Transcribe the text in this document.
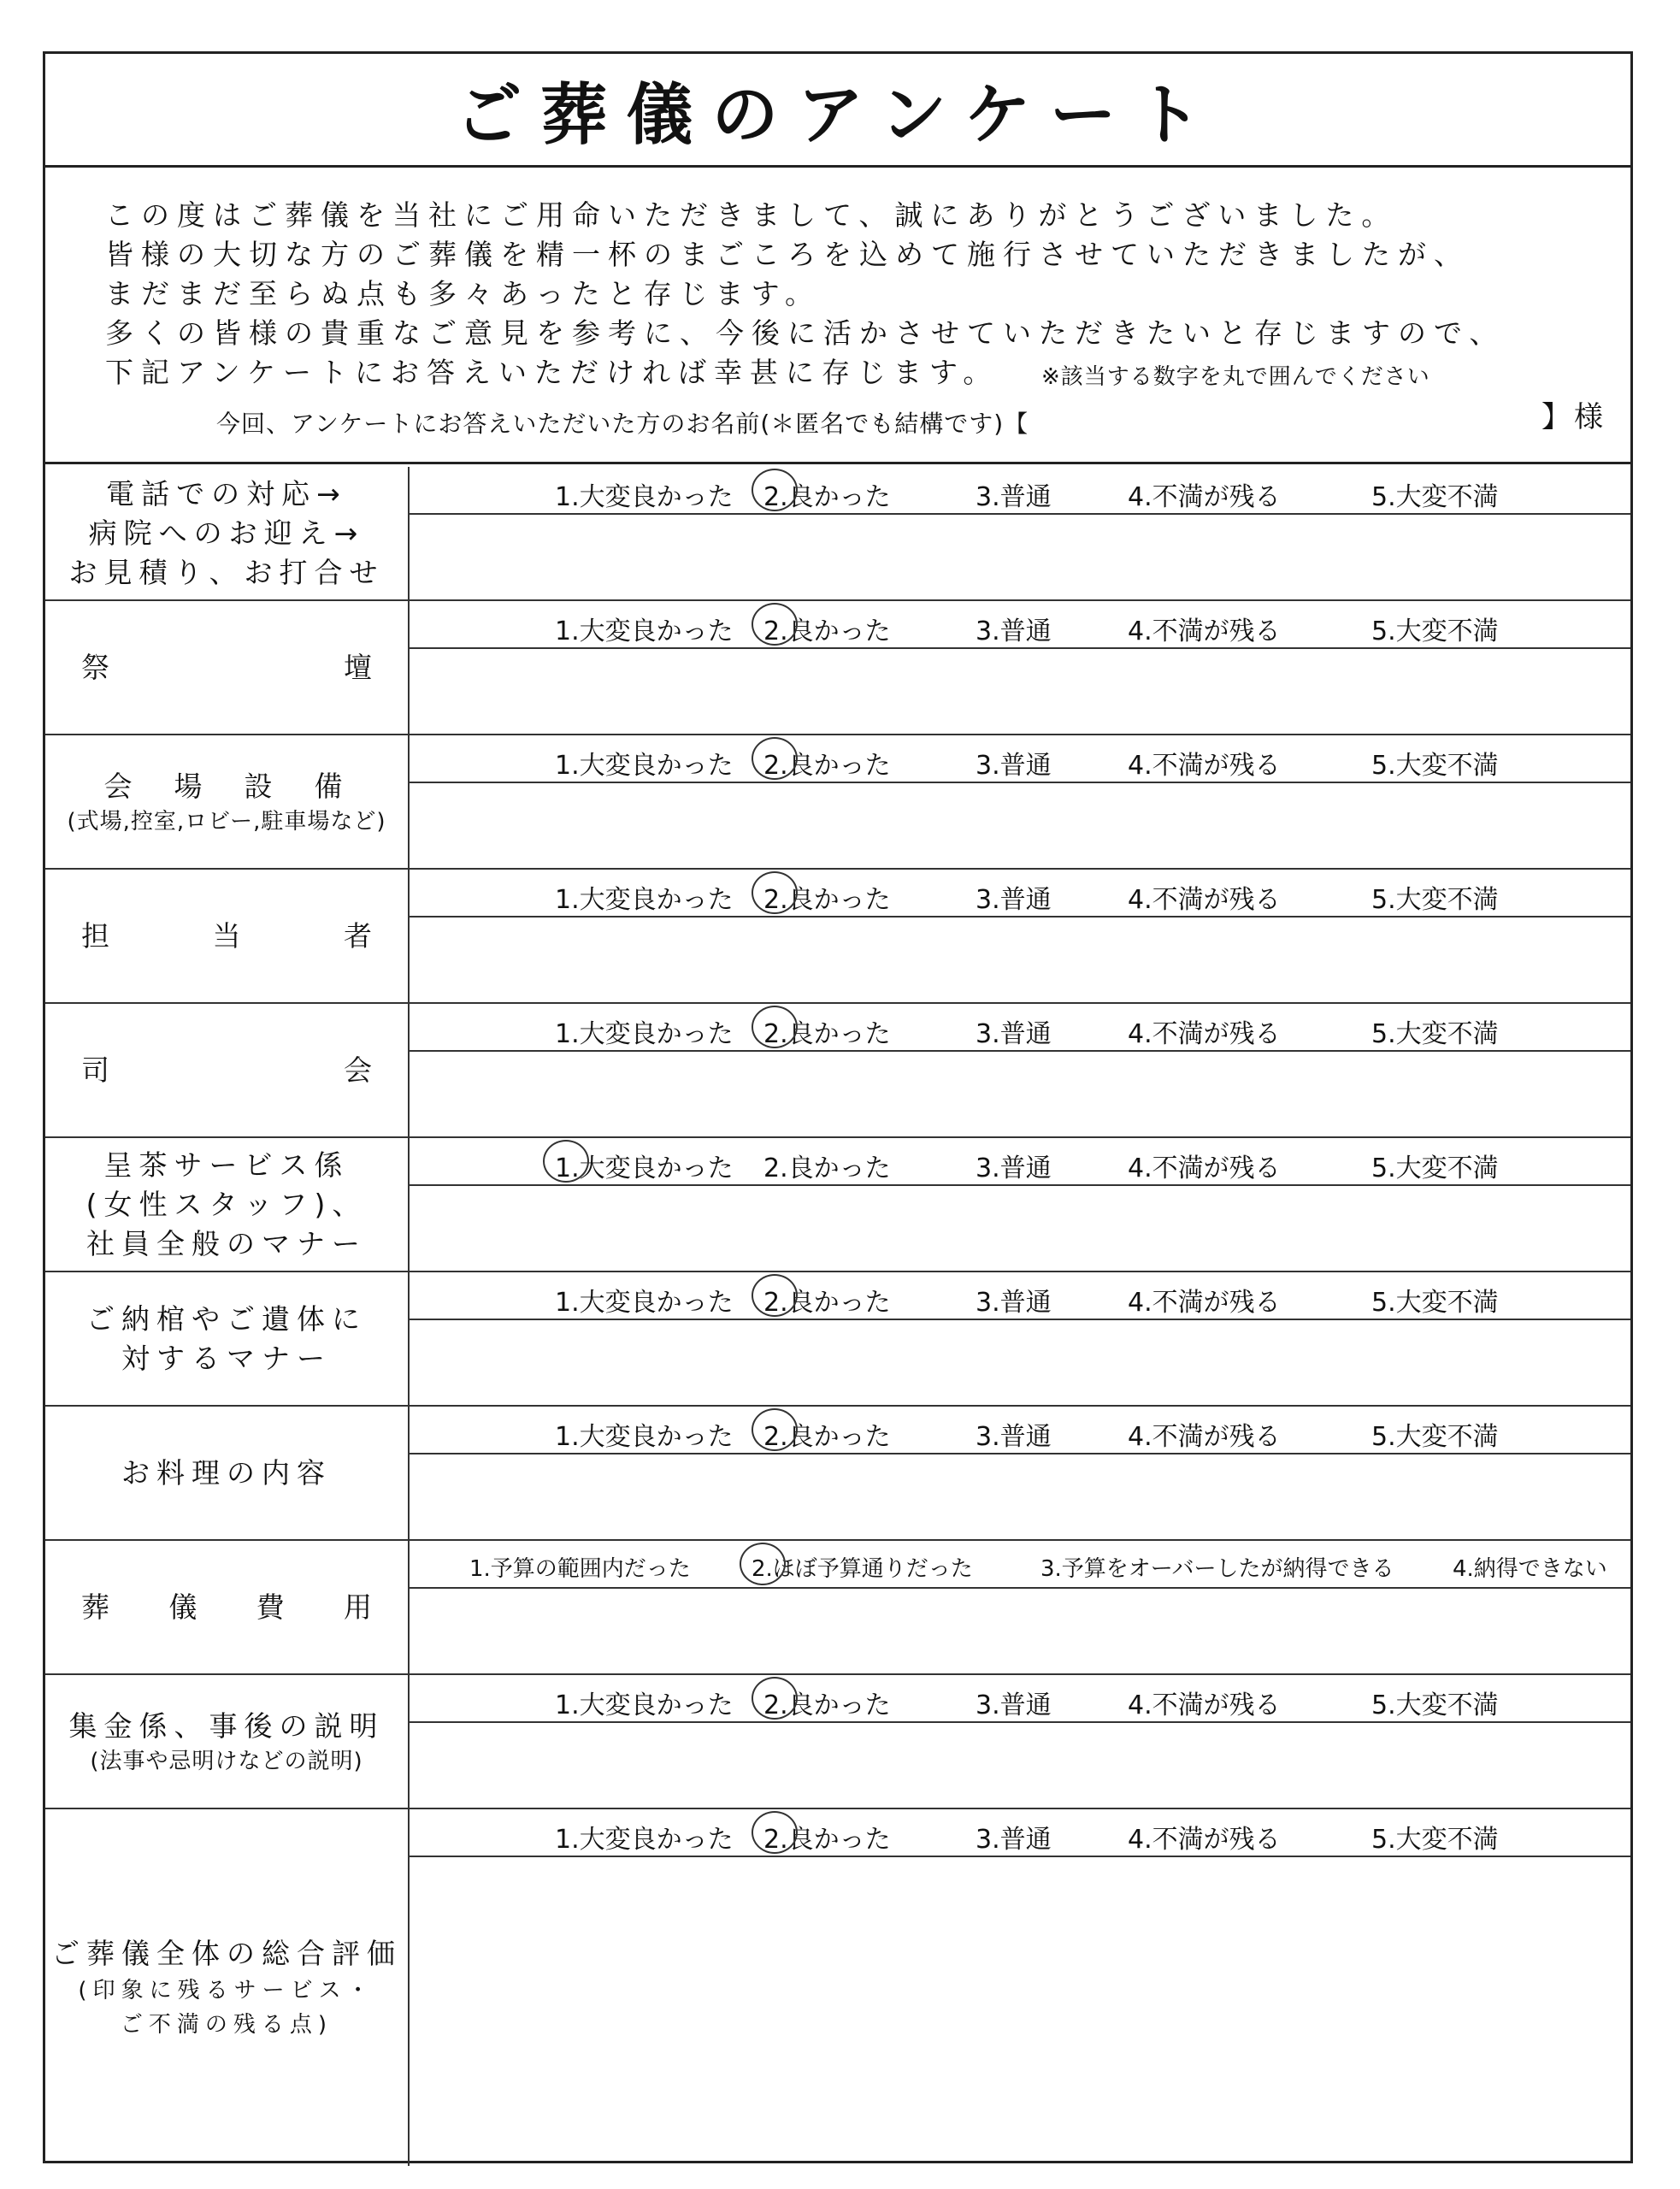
ご葬儀のアンケート
この度はご葬儀を当社にご用命いただきまして、誠にありがとうございました。
皆様の大切な方のご葬儀を精一杯のまごころを込めて施行させていただきましたが、
まだまだ至らぬ点も多々あったと存じます。
多くの皆様の貴重なご意見を参考に、今後に活かさせていただきたいと存じますので、
下記アンケートにお答えいただければ幸甚に存じます。	※該当する数字を丸で囲んでください
今回、アンケートにお答えいただいた方のお名前(＊匿名でも結構です)【	】様
電話での対応→
病院へのお迎え→
お見積り、お打合せ
1.大変良かった 2.良かった	3.普通	4.不満が残る	5.大変不満
祭	壇
1.大変良かった 2.良かった	3.普通	4.不満が残る	5.大変不満
会　場　設　備
(式場,控室,ロビー,駐車場など)
1.大変良かった 2.良かった	3.普通	4.不満が残る	5.大変不満
担	当	者
1.大変良かった 2.良かった	3.普通	4.不満が残る	5.大変不満
司	会
1.大変良かった 2.良かった	3.普通	4.不満が残る	5.大変不満
呈茶サービス係
(女性スタッフ)、
社員全般のマナー
1.大変良かった 2.良かった	3.普通	4.不満が残る	5.大変不満
ご納棺やご遺体に
対するマナー
1.大変良かった 2.良かった	3.普通	4.不満が残る	5.大変不満
お料理の内容
1.大変良かった 2.良かった	3.普通	4.不満が残る	5.大変不満
葬 儀 費 用
1.予算の範囲内だった	2.ほぼ予算通りだった	3.予算をオーバーしたが納得できる	4.納得できない
集金係、事後の説明
(法事や忌明けなどの説明)
1.大変良かった 2.良かった	3.普通	4.不満が残る	5.大変不満
ご葬儀全体の総合評価
(印象に残るサービス・
ご不満の残る点)
1.大変良かった 2.良かった	3.普通	4.不満が残る	5.大変不満
